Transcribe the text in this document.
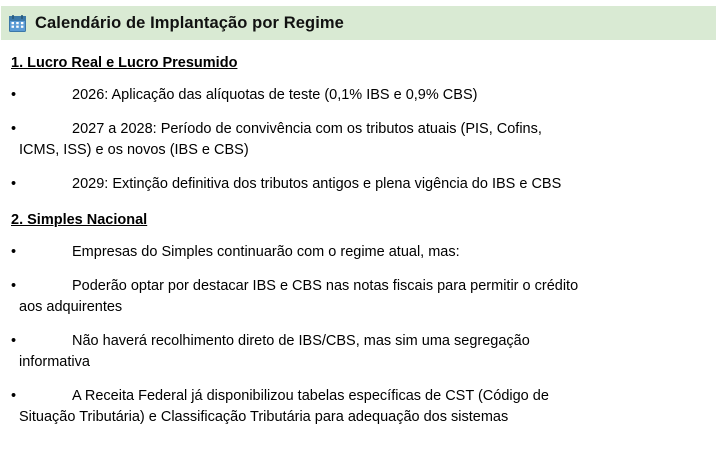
Calendário de Implantação por Regime
1. Lucro Real e Lucro Presumido
•	2026: Aplicação das alíquotas de teste (0,1% IBS e 0,9% CBS)
•	2027 a 2028: Período de convivência com os tributos atuais (PIS, Cofins,
ICMS, ISS) e os novos (IBS e CBS)
•	2029: Extinção definitiva dos tributos antigos e plena vigência do IBS e CBS
2. Simples Nacional
•	Empresas do Simples continuarão com o regime atual, mas:
•	Poderão optar por destacar IBS e CBS nas notas fiscais para permitir o crédito
aos adquirentes
•	Não haverá recolhimento direto de IBS/CBS, mas sim uma segregação
informativa
•	A Receita Federal já disponibilizou tabelas específicas de CST (Código de
Situação Tributária) e Classificação Tributária para adequação dos sistemas
